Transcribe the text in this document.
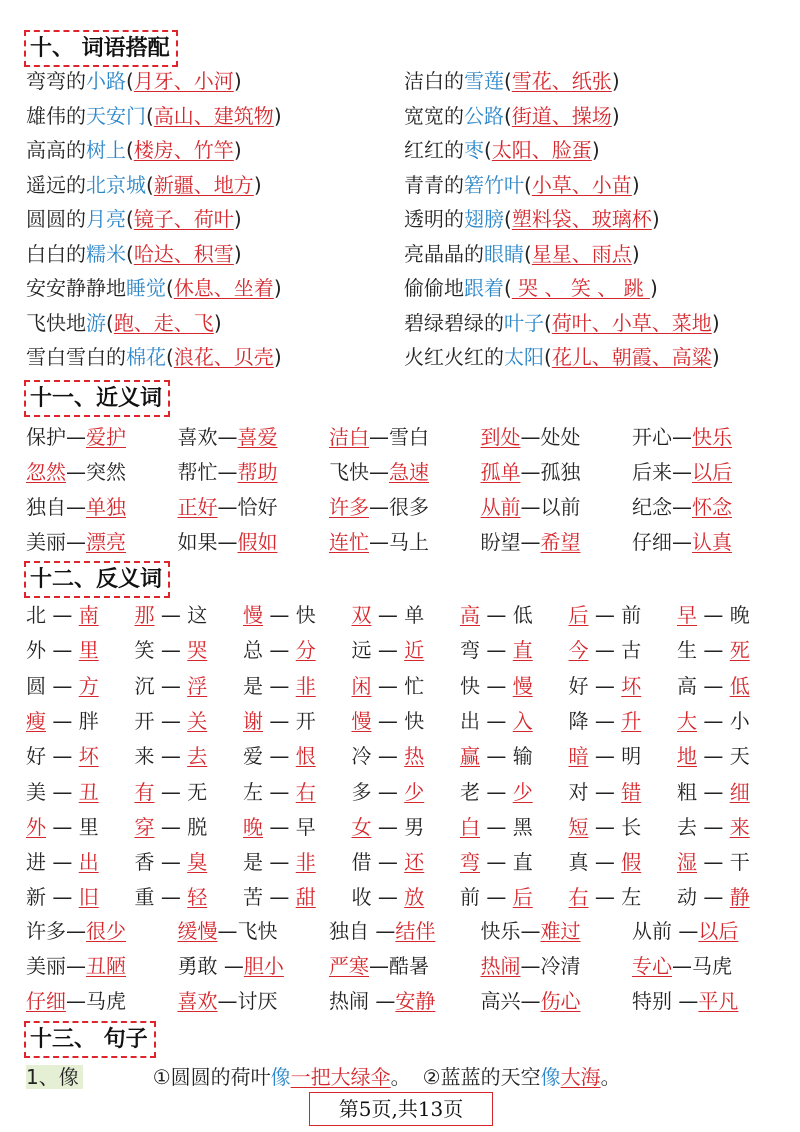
十、 词语搭配
弯弯的小路(月牙、小河)	洁白的雪莲(雪花、纸张)
雄伟的天安门(高山、建筑物)	宽宽的公路(街道、操场)
高高的树上(楼房、竹竿)	红红的枣(太阳、脸蛋)
遥远的北京城(新疆、地方)	青青的箬竹叶(小草、小苗)
圆圆的月亮(镜子、荷叶)	透明的翅膀(塑料袋、玻璃杯)
白白的糯米(哈达、积雪)	亮晶晶的眼睛(星星、雨点)
安安静静地睡觉(休息、坐着)	偷偷地跟着( 哭 、 笑 、 跳 )
飞快地游(跑、走、飞)	碧绿碧绿的叶子(荷叶、小草、菜地)
雪白雪白的棉花(浪花、贝壳)	火红火红的太阳(花儿、朝霞、高粱)
十一、近义词
保护—爱护	喜欢—喜爱	洁白—雪白	到处—处处	开心—快乐
忽然—突然	帮忙—帮助	飞快—急速	孤单—孤独	后来—以后
独自—单独	正好—恰好	许多—很多	从前—以前	纪念—怀念
美丽—漂亮	如果—假如	连忙—马上	盼望—希望	仔细—认真
十二、反义词
北 — 南 那 — 这 慢 — 快 双 — 单 高 — 低 后 — 前 早 — 晚
外 — 里 笑 — 哭 总 — 分 远 — 近 弯 — 直 今 — 古 生 — 死
圆 — 方 沉 — 浮 是 — 非 闲 — 忙 快 — 慢 好 — 坏 高 — 低
瘦 — 胖 开 — 关 谢 — 开 慢 — 快 出 — 入 降 — 升 大 — 小
好 — 坏 来 — 去 爱 — 恨 冷 — 热 赢 — 输 暗 — 明 地 — 天
美 — 丑 有 — 无 左 — 右 多 — 少 老 — 少 对 — 错 粗 — 细
外 — 里 穿 — 脱 晚 — 早 女 — 男 白 — 黑 短 — 长 去 — 来
进 — 出 香 — 臭 是 — 非 借 — 还 弯 — 直 真 — 假 湿 — 干
新 — 旧 重 — 轻 苦 — 甜 收 — 放 前 — 后 右 — 左 动 — 静
许多—很少	缓慢—飞快	独自 —结伴 快乐—难过	从前 —以后
美丽—丑陋	勇敢 —胆小 严寒—酷暑	热闹—冷清	专心—马虎
仔细—马虎	喜欢—讨厌	热闹 —安静 高兴—伤心	特别 —平凡
十三、 句子
1、像	①圆圆的荷叶像一把大绿伞。 ②蓝蓝的天空像大海。
第5页,共13页
